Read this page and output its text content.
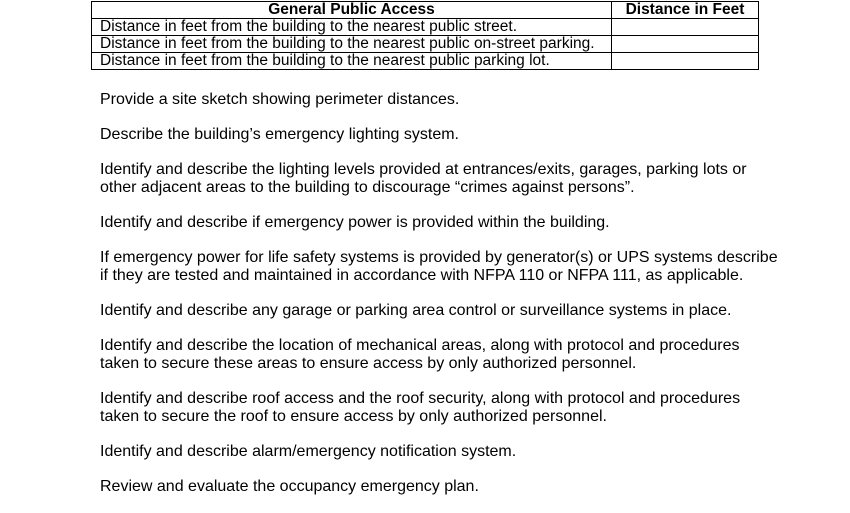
General Public Access	Distance in Feet
Distance in feet from the building to the nearest public street.	
Distance in feet from the building to the nearest public on-street parking.	
Distance in feet from the building to the nearest public parking lot.	
Provide a site sketch showing perimeter distances.
Describe the building’s emergency lighting system.
Identify and describe the lighting levels provided at entrances/exits, garages, parking lots or
other adjacent areas to the building to discourage “crimes against persons”.
Identify and describe if emergency power is provided within the building.
If emergency power for life safety systems is provided by generator(s) or UPS systems describe
if they are tested and maintained in accordance with NFPA 110 or NFPA 111, as applicable.
Identify and describe any garage or parking area control or surveillance systems in place.
Identify and describe the location of mechanical areas, along with protocol and procedures
taken to secure these areas to ensure access by only authorized personnel.
Identify and describe roof access and the roof security, along with protocol and procedures
taken to secure the roof to ensure access by only authorized personnel.
Identify and describe alarm/emergency notification system.
Review and evaluate the occupancy emergency plan.
